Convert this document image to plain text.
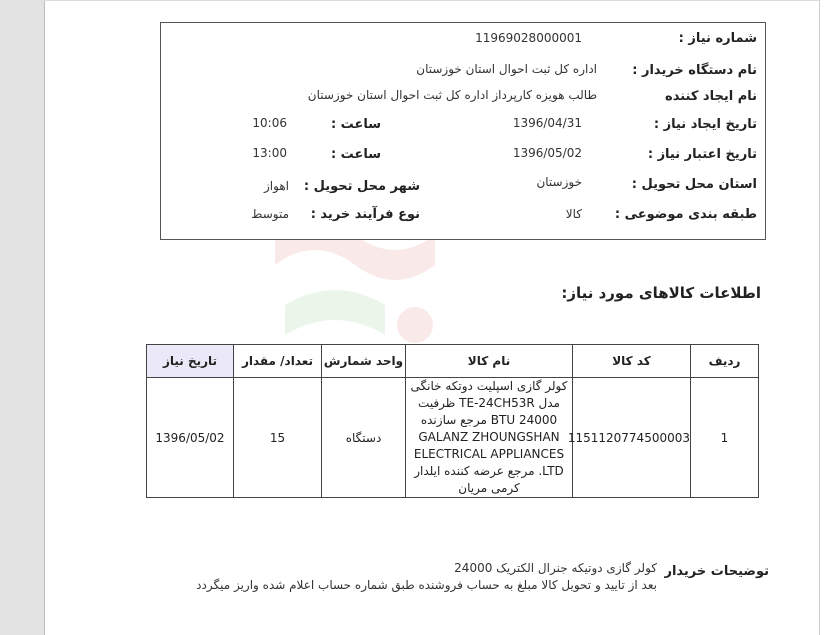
شماره نیاز :
1196902800000‌1
نام دستگاه خریدار :
اداره کل ثبت احوال استان خوزستان
نام ایجاد کننده
طالب هویزه کارپرداز اداره کل ثبت احوال استان خوزستان
تاریخ ایجاد نیاز :
1396/04/31
ساعت :
10:06
تاریخ اعتبار نیاز :
1396/05/02
ساعت :
13:00
استان محل تحویل :
خوزستان
شهر محل تحویل :
اهواز
طبقه بندی موضوعی :
کالا
نوع فرآیند خرید :
متوسط
اطلاعات کالاهای مورد نیاز:
ردیف	کد کالا	نام کالا	واحد شمارش	تعداد/ مقدار	تاریخ نیاز
1	1151120774500003	کولر گازی اسپلیت دوتکه خانگی مدل TE-24CH53R ظرفیت 24000 BTU مرجع سازنده GALANZ ZHOUNGSHAN ELECTRICAL APPLIANCES LTD. مرجع عرضه کننده ایلدار کرمی مریان	دستگاه	15	1396/05/02
توضیحات خریدار
کولر گازی دوتیکه جنرال الکتریک 24000
بعد از تایید و تحویل کالا مبلغ به حساب فروشنده طبق شماره حساب اعلام شده واریز میگردد
